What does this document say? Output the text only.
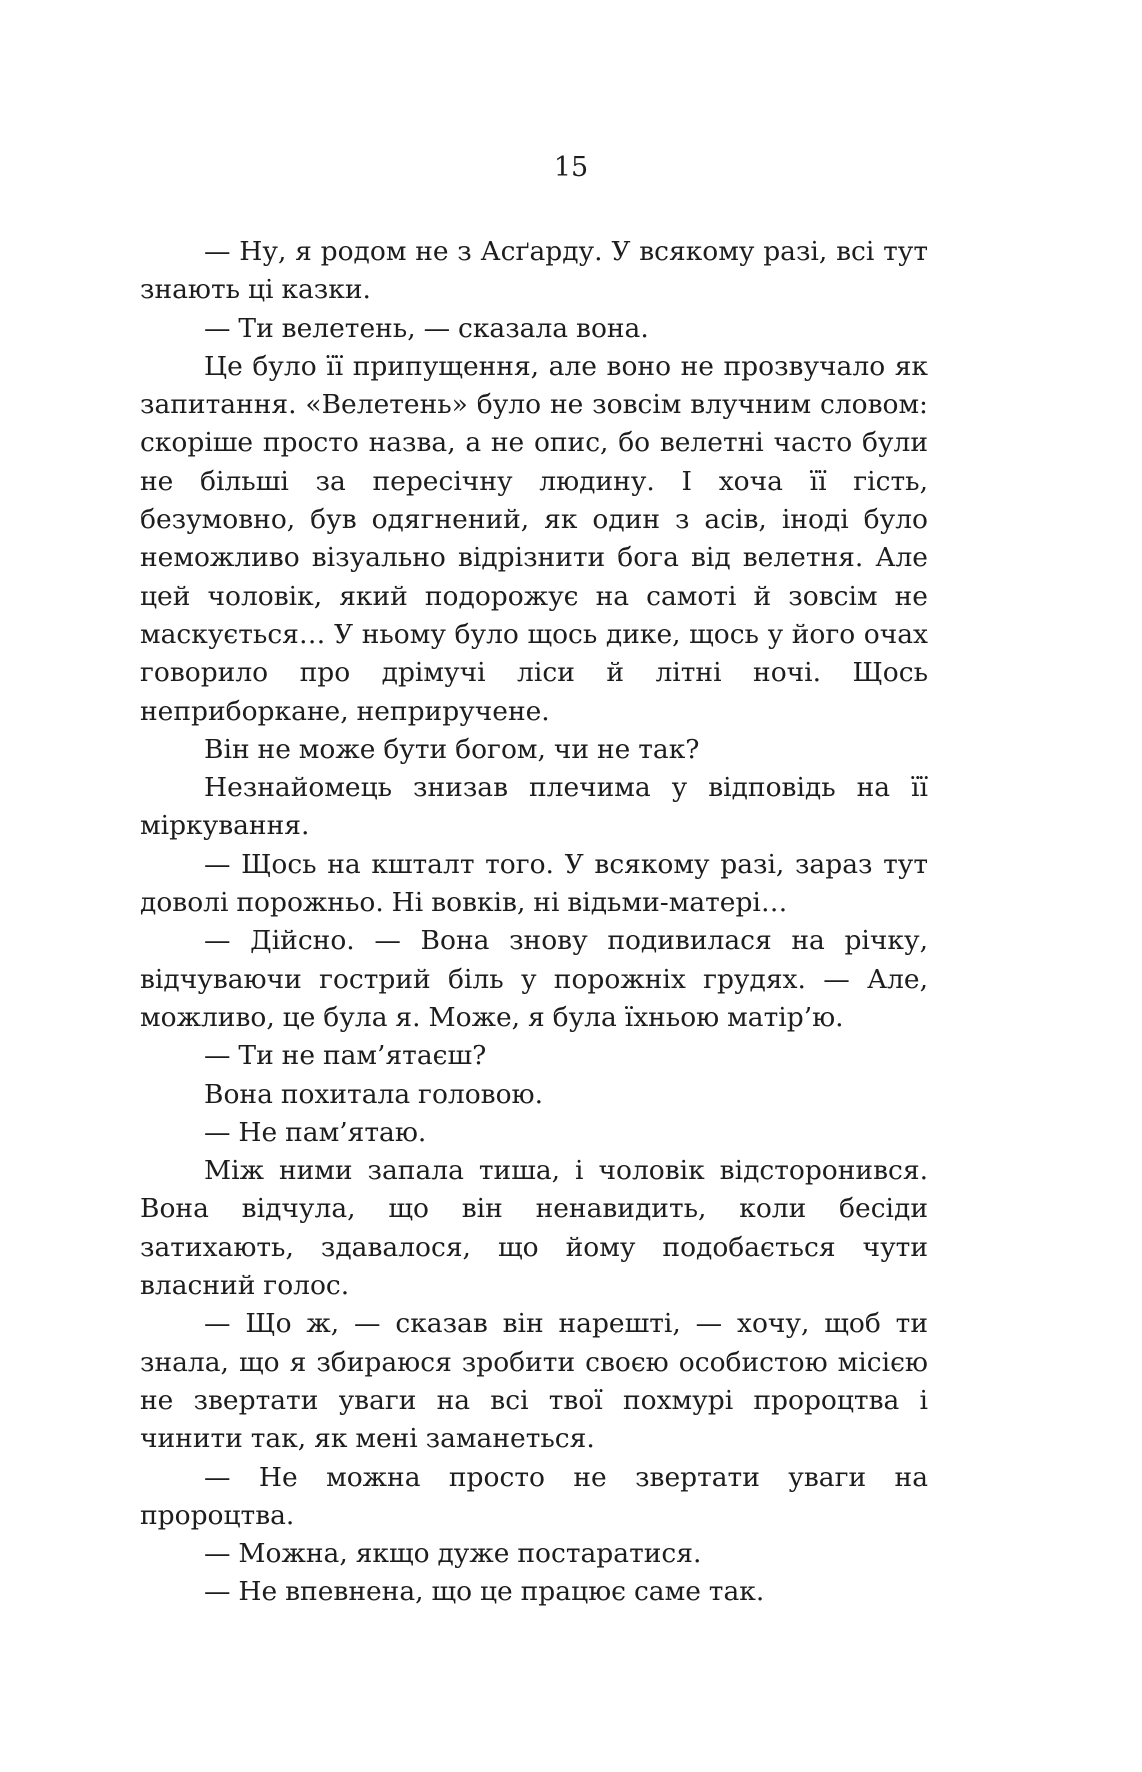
15

— Ну, я родом не з Асґарду. У всякому разі, всі тут знають ці казки.

— Ти велетень, — сказала вона.

Це було її припущення, але воно не прозвучало як запитання. «Велетень» було не зовсім влучним словом: скоріше просто назва, а не опис, бо велетні часто були не більші за пересічну людину. І хоча її гість, безумовно, був одягнений, як один з асів, іноді було неможливо візуально відрізнити бога від велетня. Але цей чоловік, який подорожує на самоті й зовсім не маскується… У ньому було щось дике, щось у його очах говорило про дрімучі ліси й літні ночі. Щось неприборкане, неприручене.

Він не може бути богом, чи не так?

Незнайомець знизав плечима у відповідь на її міркування.

— Щось на кшталт того. У всякому разі, зараз тут доволі порожньо. Ні вовків, ні відьми-матері…

— Дійсно. — Вона знову подивилася на річку, відчуваючи гострий біль у порожніх грудях. — Але, можливо, це була я. Може, я була їхньою матір’ю.

— Ти не пам’ятаєш?

Вона похитала головою.

— Не пам’ятаю.

Між ними запала тиша, і чоловік відсторонився. Вона відчула, що він ненавидить, коли бесіди затихають, здавалося, що йому подобається чути власний голос.

— Що ж, — сказав він нарешті, — хочу, щоб ти знала, що я збираюся зробити своєю особистою місією не звертати уваги на всі твої похмурі пророцтва і чинити так, як мені заманеться.

— Не можна просто не звертати уваги на пророцтва.

— Можна, якщо дуже постаратися.

— Не впевнена, що це працює саме так.
